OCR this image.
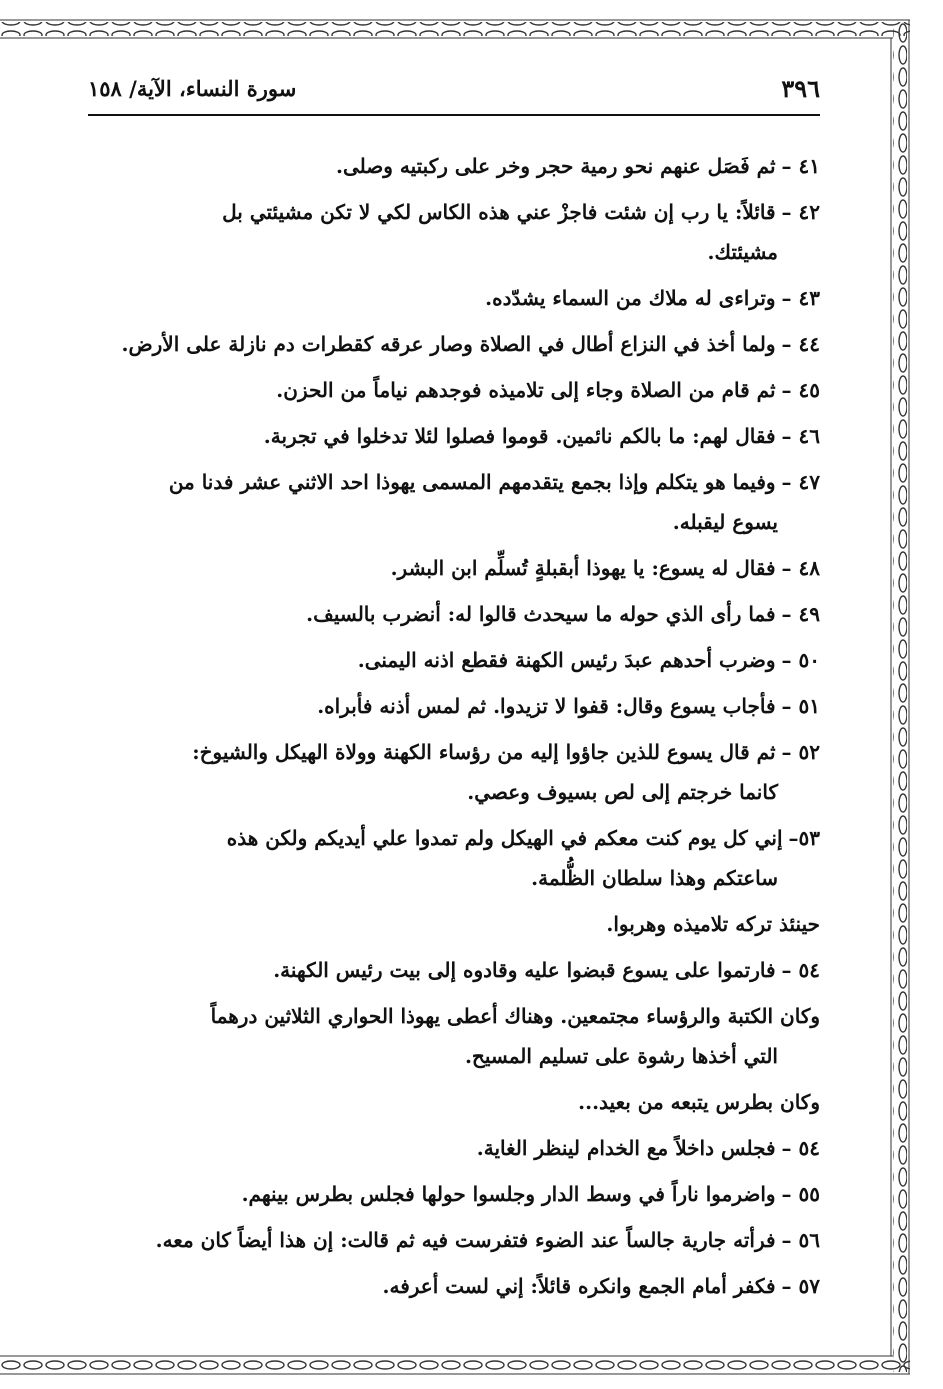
٣٩٦
سورة النساء، الآية/ ١٥٨

٤١ –ثم فَصَل عنهم نحو رمية حجر وخر على ركبتيه وصلى.

٤٢ –قائلاً: يا رب إن شئت فاجزْ عني هذه الكاس لكي لا تكن مشيئتي بل
مشيئتك.

٤٣ –وتراءى له ملاك من السماء يشدّده.

٤٤ –ولما أخذ في النزاع أطال في الصلاة وصار عرقه كقطرات دم نازلة على الأرض.

٤٥ –ثم قام من الصلاة وجاء إلى تلاميذه فوجدهم نياماً من الحزن.

٤٦ –فقال لهم: ما بالكم نائمين. قوموا فصلوا لئلا تدخلوا في تجربة.

٤٧ –وفيما هو يتكلم وإذا بجمع يتقدمهم المسمى يهوذا احد الاثني عشر فدنا من
يسوع ليقبله.

٤٨ –فقال له يسوع: يا يهوذا أبقبلةٍ تُسلِّم ابن البشر.

٤٩ –فما رأى الذي حوله ما سيحدث قالوا له: أنضرب بالسيف.

٥٠ –وضرب أحدهم عبدَ رئيس الكهنة فقطع اذنه اليمنى.

٥١ –فأجاب يسوع وقال: قفوا لا تزيدوا. ثم لمس أذنه فأبراه.

٥٢ –ثم قال يسوع للذين جاؤوا إليه من رؤساء الكهنة وولاة الهيكل والشيوخ:
كانما خرجتم إلى لص بسيوف وعصي.

٥٣–إني كل يوم كنت معكم في الهيكل ولم تمدوا علي أيديكم ولكن هذه
ساعتكم وهذا سلطان الظُّلمة.

حينئذ تركه تلاميذه وهربوا.

٥٤ –فارتموا على يسوع قبضوا عليه وقادوه إلى بيت رئيس الكهنة.

وكان الكتبة والرؤساء مجتمعين. وهناك أعطى يهوذا الحواري الثلاثين درهماً
التي أخذها رشوة على تسليم المسيح.

وكان بطرس يتبعه من بعيد...

٥٤ –فجلس داخلاً مع الخدام لينظر الغاية.

٥٥ –واضرموا ناراً في وسط الدار وجلسوا حولها فجلس بطرس بينهم.

٥٦ –فرأته جارية جالساً عند الضوء فتفرست فيه ثم قالت: إن هذا أيضاً كان معه.

٥٧ –فكفر أمام الجمع وانكره قائلاً: إني لست أعرفه.
